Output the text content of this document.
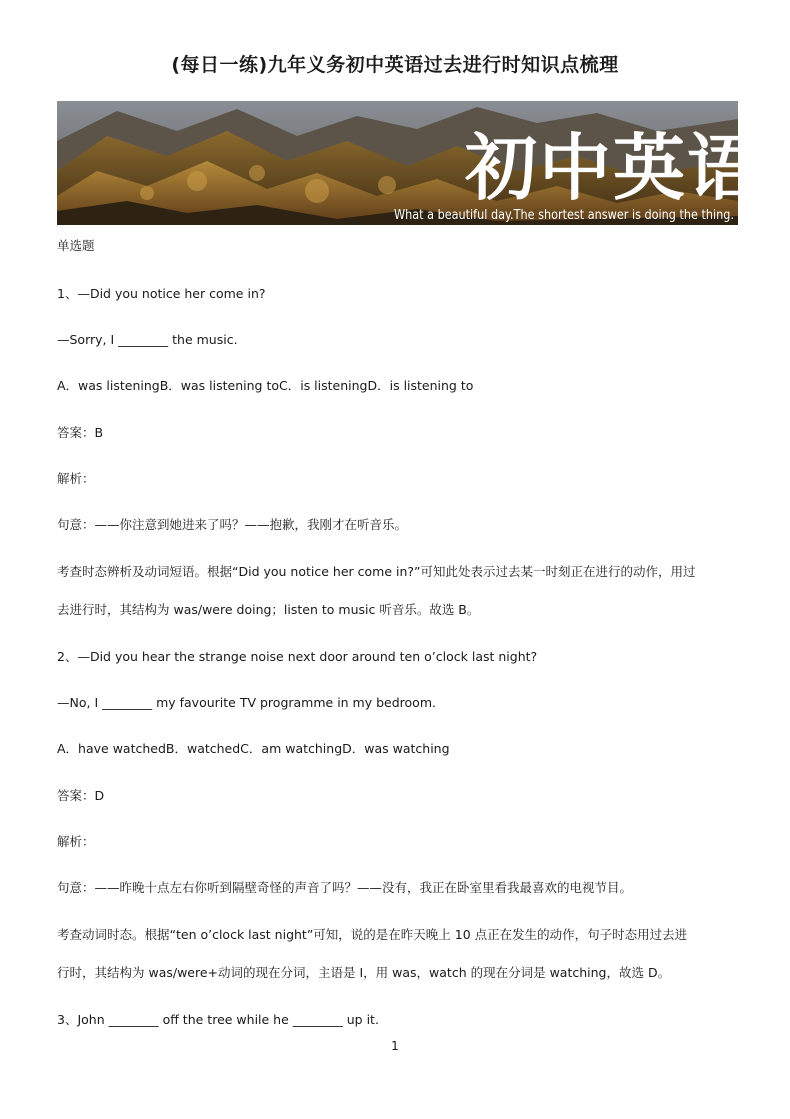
(每日一练)九年义务初中英语过去进行时知识点梳理
初中英语
What a beautiful day.The shortest answer is doing the thing.
单选题
1、—Did you notice her come in?
—Sorry, I ________ the music.
A．was listeningB．was listening toC．is listeningD．is listening to
答案：B
解析：
句意：——你注意到她进来了吗？——抱歉，我刚才在听音乐。
考查时态辨析及动词短语。根据“Did you notice her come in?”可知此处表示过去某一时刻正在进行的动作，用过
去进行时，其结构为 was/were doing；listen to music 听音乐。故选 B。
2、—Did you hear the strange noise next door around ten o’clock last night?
—No, I ________ my favourite TV programme in my bedroom.
A．have watchedB．watchedC．am watchingD．was watching
答案：D
解析：
句意：——昨晚十点左右你听到隔壁奇怪的声音了吗？——没有，我正在卧室里看我最喜欢的电视节目。
考查动词时态。根据“ten o’clock last night”可知，说的是在昨天晚上 10 点正在发生的动作，句子时态用过去进
行时，其结构为 was/were+动词的现在分词，主语是 I，用 was，watch 的现在分词是 watching，故选 D。
3、John ________ off the tree while he ________ up it.
1
